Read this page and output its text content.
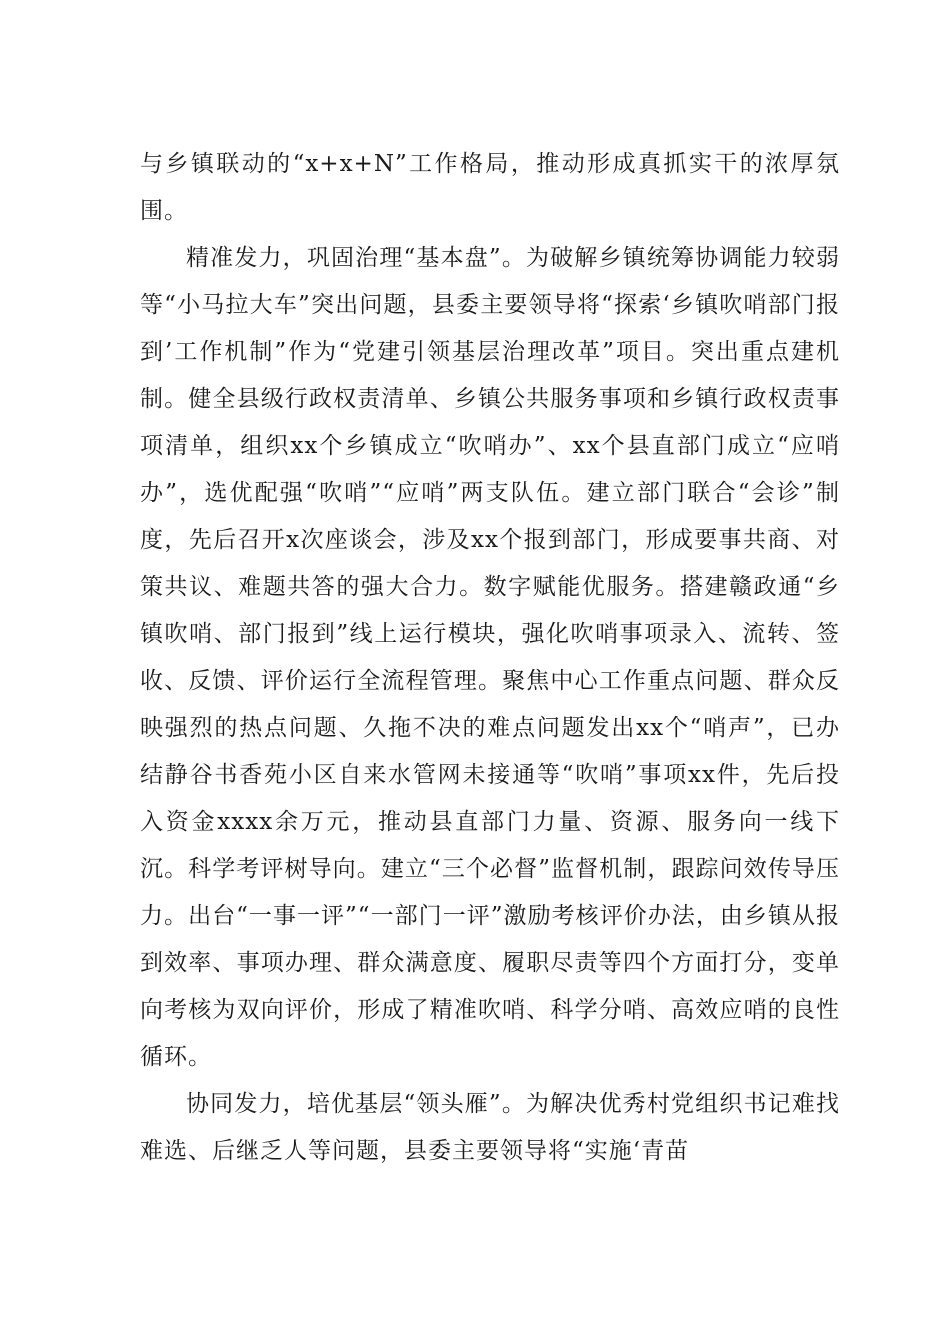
与乡镇联动的“x+x+N”工作格局，推动形成真抓实干的浓厚氛围。

精准发力，巩固治理“基本盘”。为破解乡镇统筹协调能力较弱等“小马拉大车”突出问题，县委主要领导将“探索‘乡镇吹哨部门报到’工作机制”作为“党建引领基层治理改革”项目。突出重点建机制。健全县级行政权责清单、乡镇公共服务事项和乡镇行政权责事项清单，组织xx个乡镇成立“吹哨办”、xx个县直部门成立“应哨办”，选优配强“吹哨”“应哨”两支队伍。建立部门联合“会诊”制度，先后召开x次座谈会，涉及xx个报到部门，形成要事共商、对策共议、难题共答的强大合力。数字赋能优服务。搭建赣政通“乡镇吹哨、部门报到”线上运行模块，强化吹哨事项录入、流转、签收、反馈、评价运行全流程管理。聚焦中心工作重点问题、群众反映强烈的热点问题、久拖不决的难点问题发出xx个“哨声”，已办结静谷书香苑小区自来水管网未接通等“吹哨”事项xx件，先后投入资金xxxx余万元，推动县直部门力量、资源、服务向一线下沉。科学考评树导向。建立“三个必督”监督机制，跟踪问效传导压力。出台“一事一评”“一部门一评”激励考核评价办法，由乡镇从报到效率、事项办理、群众满意度、履职尽责等四个方面打分，变单向考核为双向评价，形成了精准吹哨、科学分哨、高效应哨的良性循环。

协同发力，培优基层“领头雁”。为解决优秀村党组织书记难找难选、后继乏人等问题，县委主要领导将“实施‘青苗
